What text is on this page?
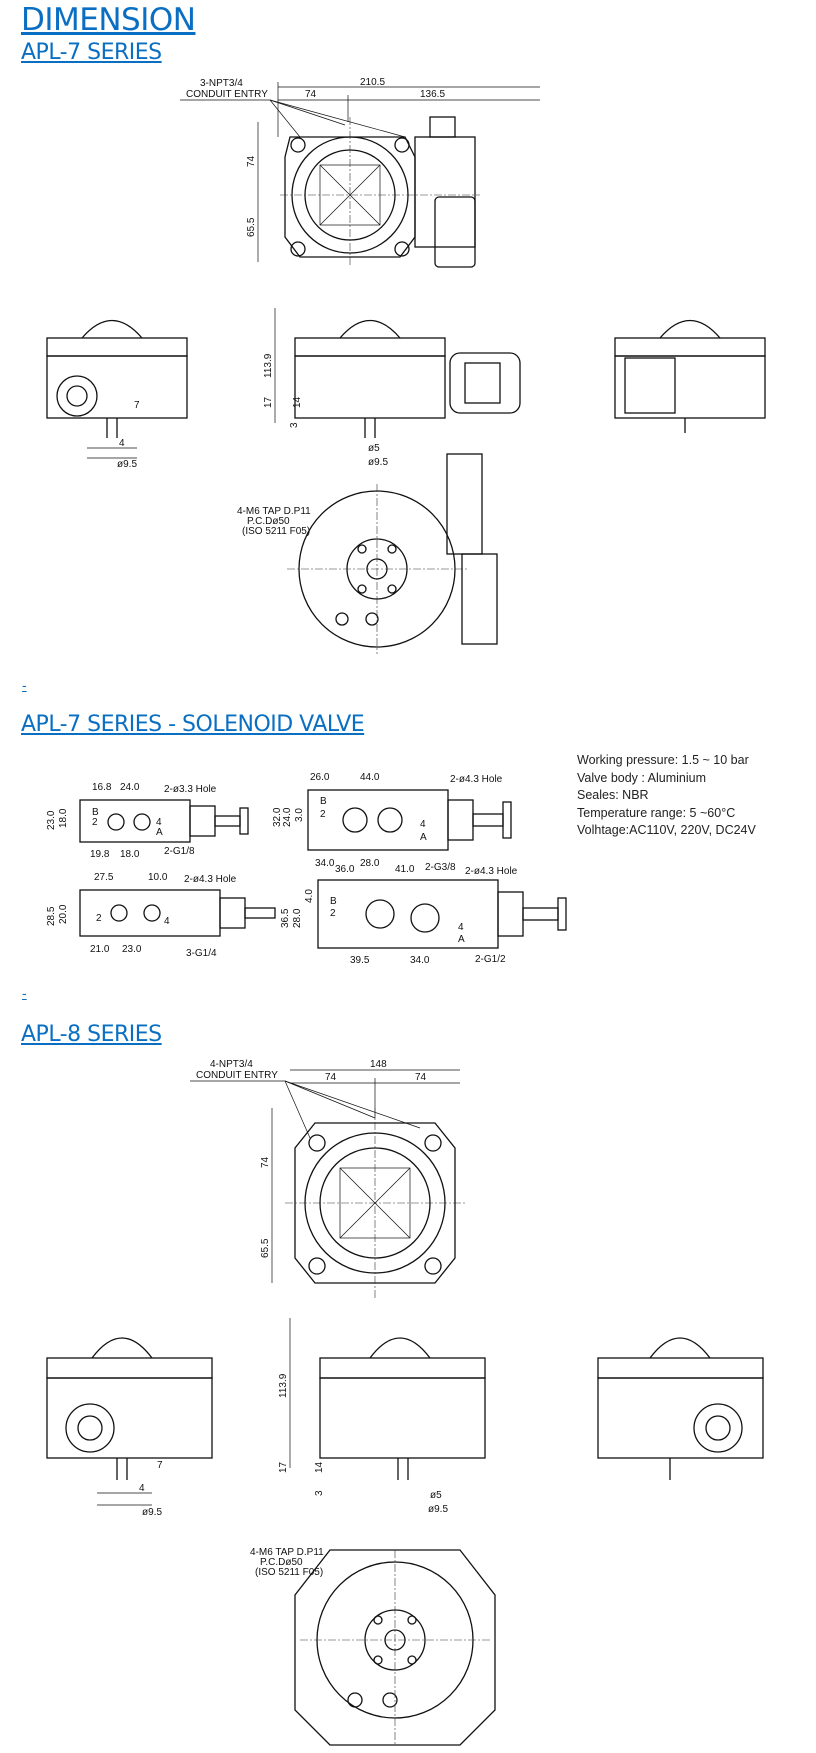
DIMENSION
APL-7 SERIES
3-NPT3/4
CONDUIT ENTRY
210.5
74	136.5
74
65.5
4
7
ø9.5
113.9
17 14
3
ø5
ø9.5
4-M6 TAP D.P11
P.C.Dø50
(ISO 5211 F05)
-
APL-7 SERIES - SOLENOID VALVE
16.8 24.0 2-ø3.3 Hole
23.0 18.0 B
2	4
A
19.8 18.0 2-G1/8
26.0	44.0	2-ø4.3 Hole
32.0 24.0 3.0
B
2
4
A
34.0	28.0	2-G3/8
27.5	10.0 2-ø4.3 Hole
28.5 20.0	2	4
21.0 23.0	3-G1/4
36.0	41.0	2-ø4.3 Hole
36.5 28.0
4.0 B
2
4
A
39.5	34.0	2-G1/2
Working pressure: 1.5 ~ 10 bar
Valve body : Aluminium
Seales: NBR
Temperature range: 5 ~60°C
Volhtage:AC110V, 220V, DC24V
-
APL-8 SERIES
4-NPT3/4
CONDUIT ENTRY
148
74	74
74
65.5
4
7
ø9.5
113.9
17	14
3	ø5
ø9.5
4-M6 TAP D.P11
P.C.Dø50
(ISO 5211 F05)
